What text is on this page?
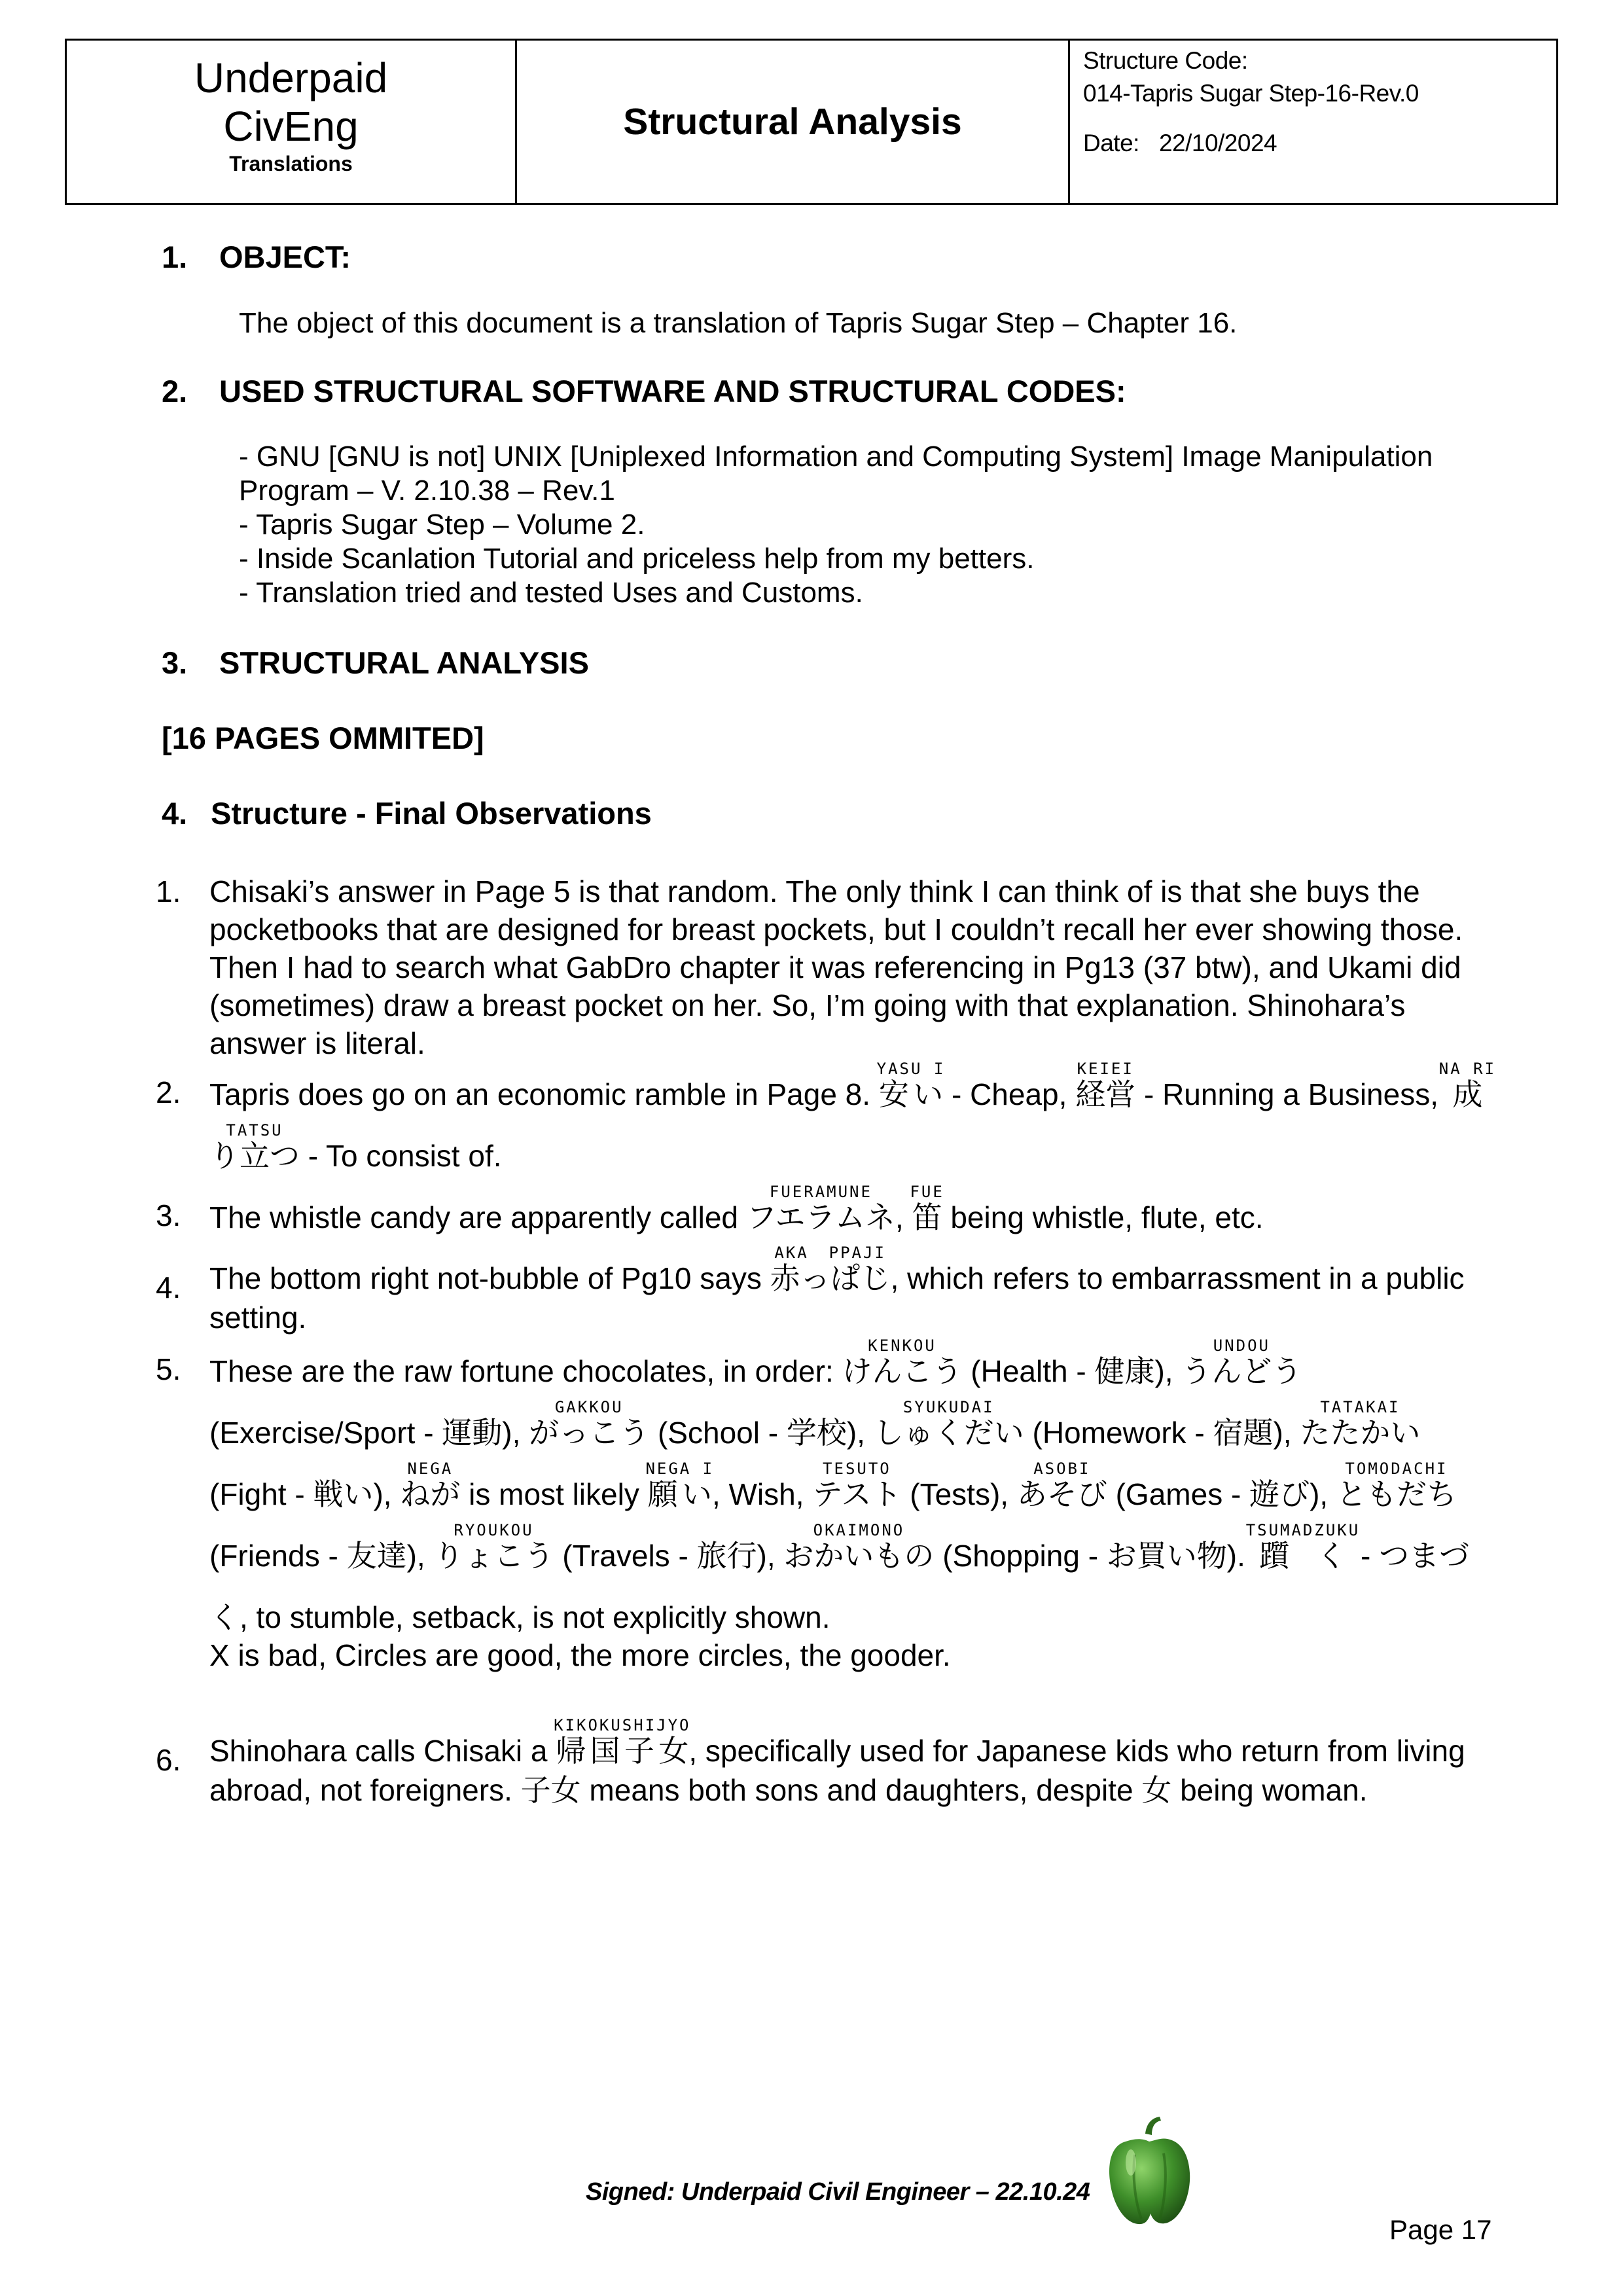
Underpaid
CivEng
Translations
Structural Analysis
Structure Code:
014-Tapris Sugar Step-16-Rev.0
Date: 22/10/2024
1. OBJECT:
The object of this document is a translation of Tapris Sugar Step – Chapter 16.
2. USED STRUCTURAL SOFTWARE AND STRUCTURAL CODES:
- GNU [GNU is not] UNIX [Uniplexed Information and Computing System] Image Manipulation
Program – V. 2.10.38 – Rev.1
- Tapris Sugar Step – Volume 2.
- Inside Scanlation Tutorial and priceless help from my betters.
- Translation tried and tested Uses and Customs.
3. STRUCTURAL ANALYSIS
[16 PAGES OMMITED]
4. Structure - Final Observations
1. Chisaki’s answer in Page 5 is that random. The only think I can think of is that she buys the pocketbooks that are designed for breast pockets, but I couldn’t recall her ever showing those. Then I had to search what GabDro chapter it was referencing in Pg13 (37 btw), and Ukami did (sometimes) draw a breast pocket on her. So, I’m going with that explanation. Shinohara’s answer is literal.
2. Tapris does go on an economic ramble in Page 8. 安いYASU I - Cheap, 経営KEIEI - Running a Business, 成り立つNA RI TATSU - To consist of.
3. The whistle candy are apparently called フエラムネFUERAMUNE, 笛FUE being whistle, flute, etc.
4. The bottom right not-bubble of Pg10 says 赤っぱじAKA PPAJI, which refers to embarrassment in a public setting.
5. These are the raw fortune chocolates, in order: けんこうKENKOU (Health - 健康), うんどうUNDOU (Exercise/Sport - 運動), がっこうGAKKOU (School - 学校), しゅくだいSYUKUDAI (Homework - 宿題), たたかいTATAKAI (Fight - 戦い), ねがNEGA is most likely 願いNEGA I, Wish, テストTESUTO (Tests), あそびASOBI (Games - 遊び), ともだちTOMODACHI (Friends - 友達), りょこうRYOUKOU (Travels - 旅行), おかいものOKAIMONO (Shopping - お買い物). 躓くTSUMADZUKU - つまづく, to stumble, setback, is not explicitly shown.
X is bad, Circles are good, the more circles, the gooder.
6. Shinohara calls Chisaki a 帰国子女KIKOKUSHIJYO, specifically used for Japanese kids who return from living abroad, not foreigners. 子女 means both sons and daughters, despite 女 being woman.
Signed: Underpaid Civil Engineer – 22.10.24
Page 17
